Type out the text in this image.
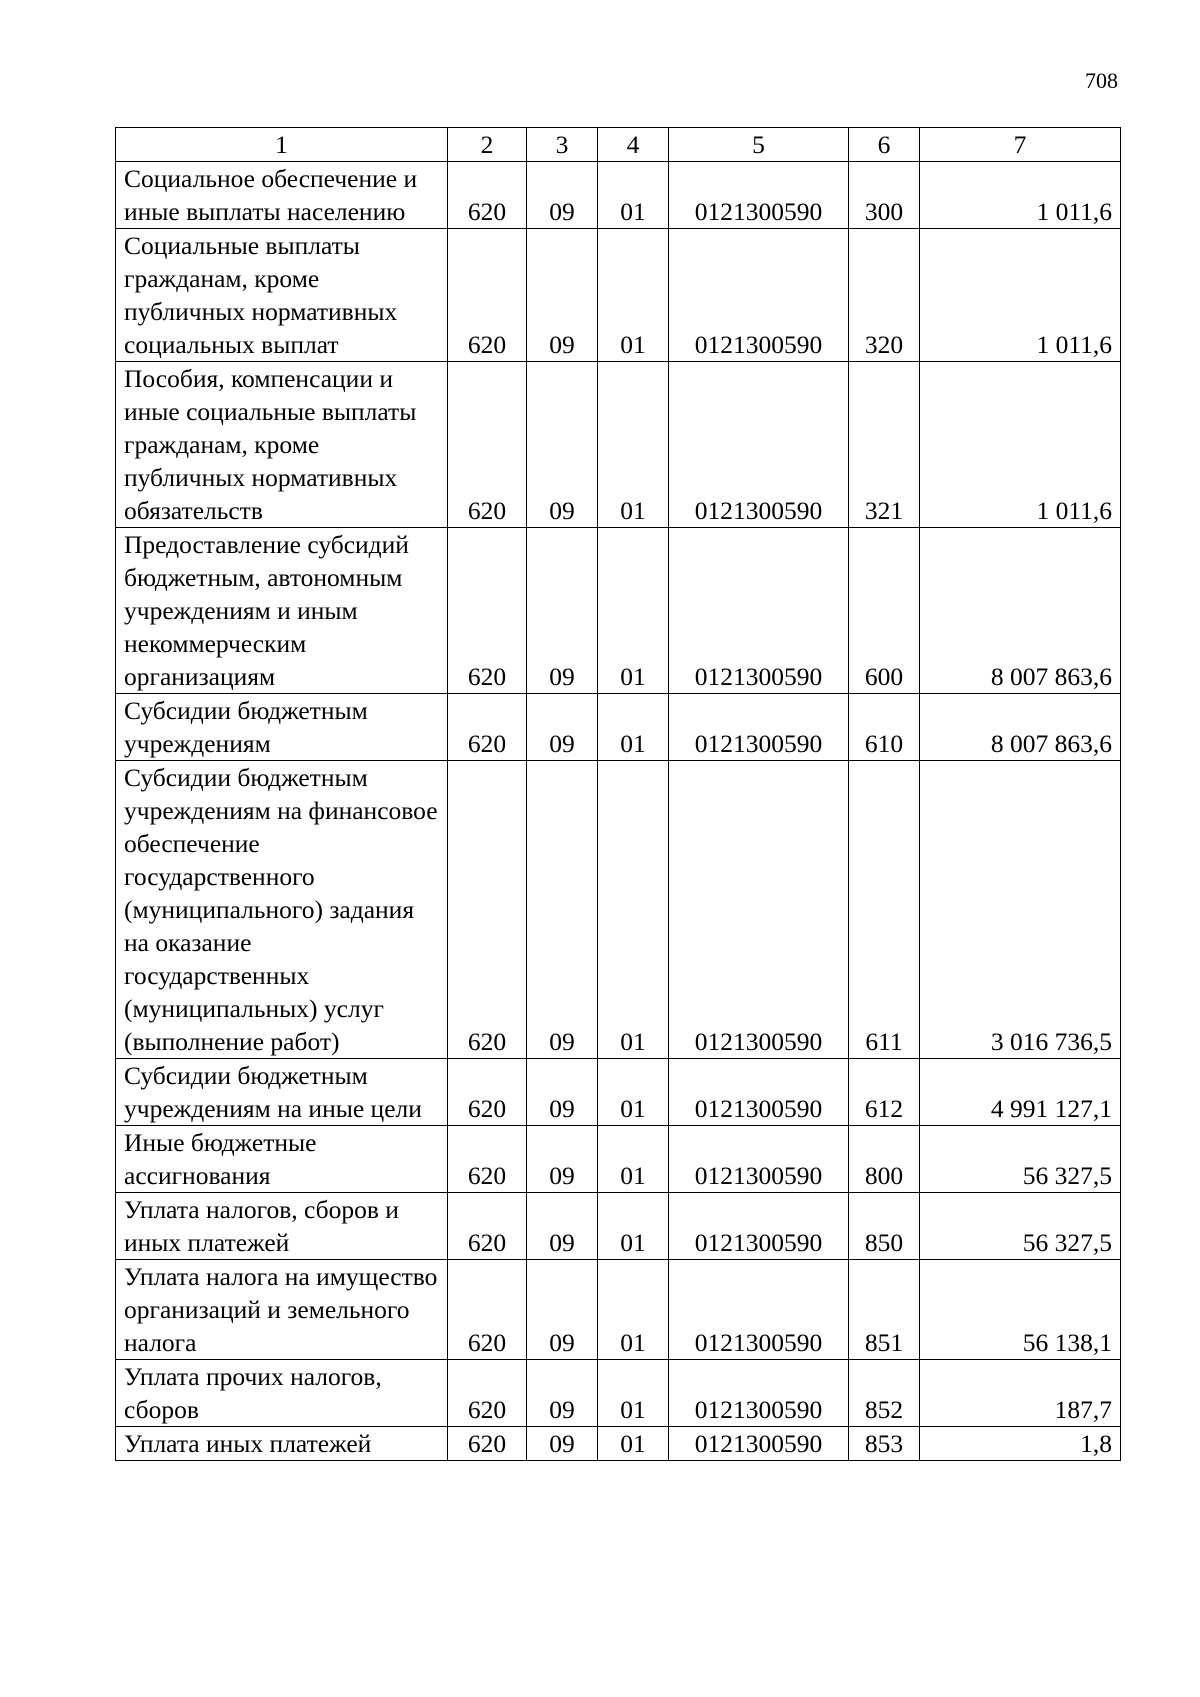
708
1	2	3	4	5	6	7
Социальное обеспечение и иные выплаты населению	620	09	01	0121300590	300	1 011,6
Социальные выплаты гражданам, кроме публичных нормативных социальных выплат	620	09	01	0121300590	320	1 011,6
Пособия, компенсации и иные социальные выплаты гражданам, кроме публичных нормативных обязательств	620	09	01	0121300590	321	1 011,6
Предоставление субсидий бюджетным, автономным учреждениям и иным некоммерческим организациям	620	09	01	0121300590	600	8 007 863,6
Субсидии бюджетным учреждениям	620	09	01	0121300590	610	8 007 863,6
Субсидии бюджетным учреждениям на финансовое обеспечение государственного (муниципального) задания на оказание государственных (муниципальных) услуг (выполнение работ)	620	09	01	0121300590	611	3 016 736,5
Субсидии бюджетным учреждениям на иные цели	620	09	01	0121300590	612	4 991 127,1
Иные бюджетные ассигнования	620	09	01	0121300590	800	56 327,5
Уплата налогов, сборов и иных платежей	620	09	01	0121300590	850	56 327,5
Уплата налога на имущество организаций и земельного налога	620	09	01	0121300590	851	56 138,1
Уплата прочих налогов, сборов	620	09	01	0121300590	852	187,7
Уплата иных платежей	620	09	01	0121300590	853	1,8
